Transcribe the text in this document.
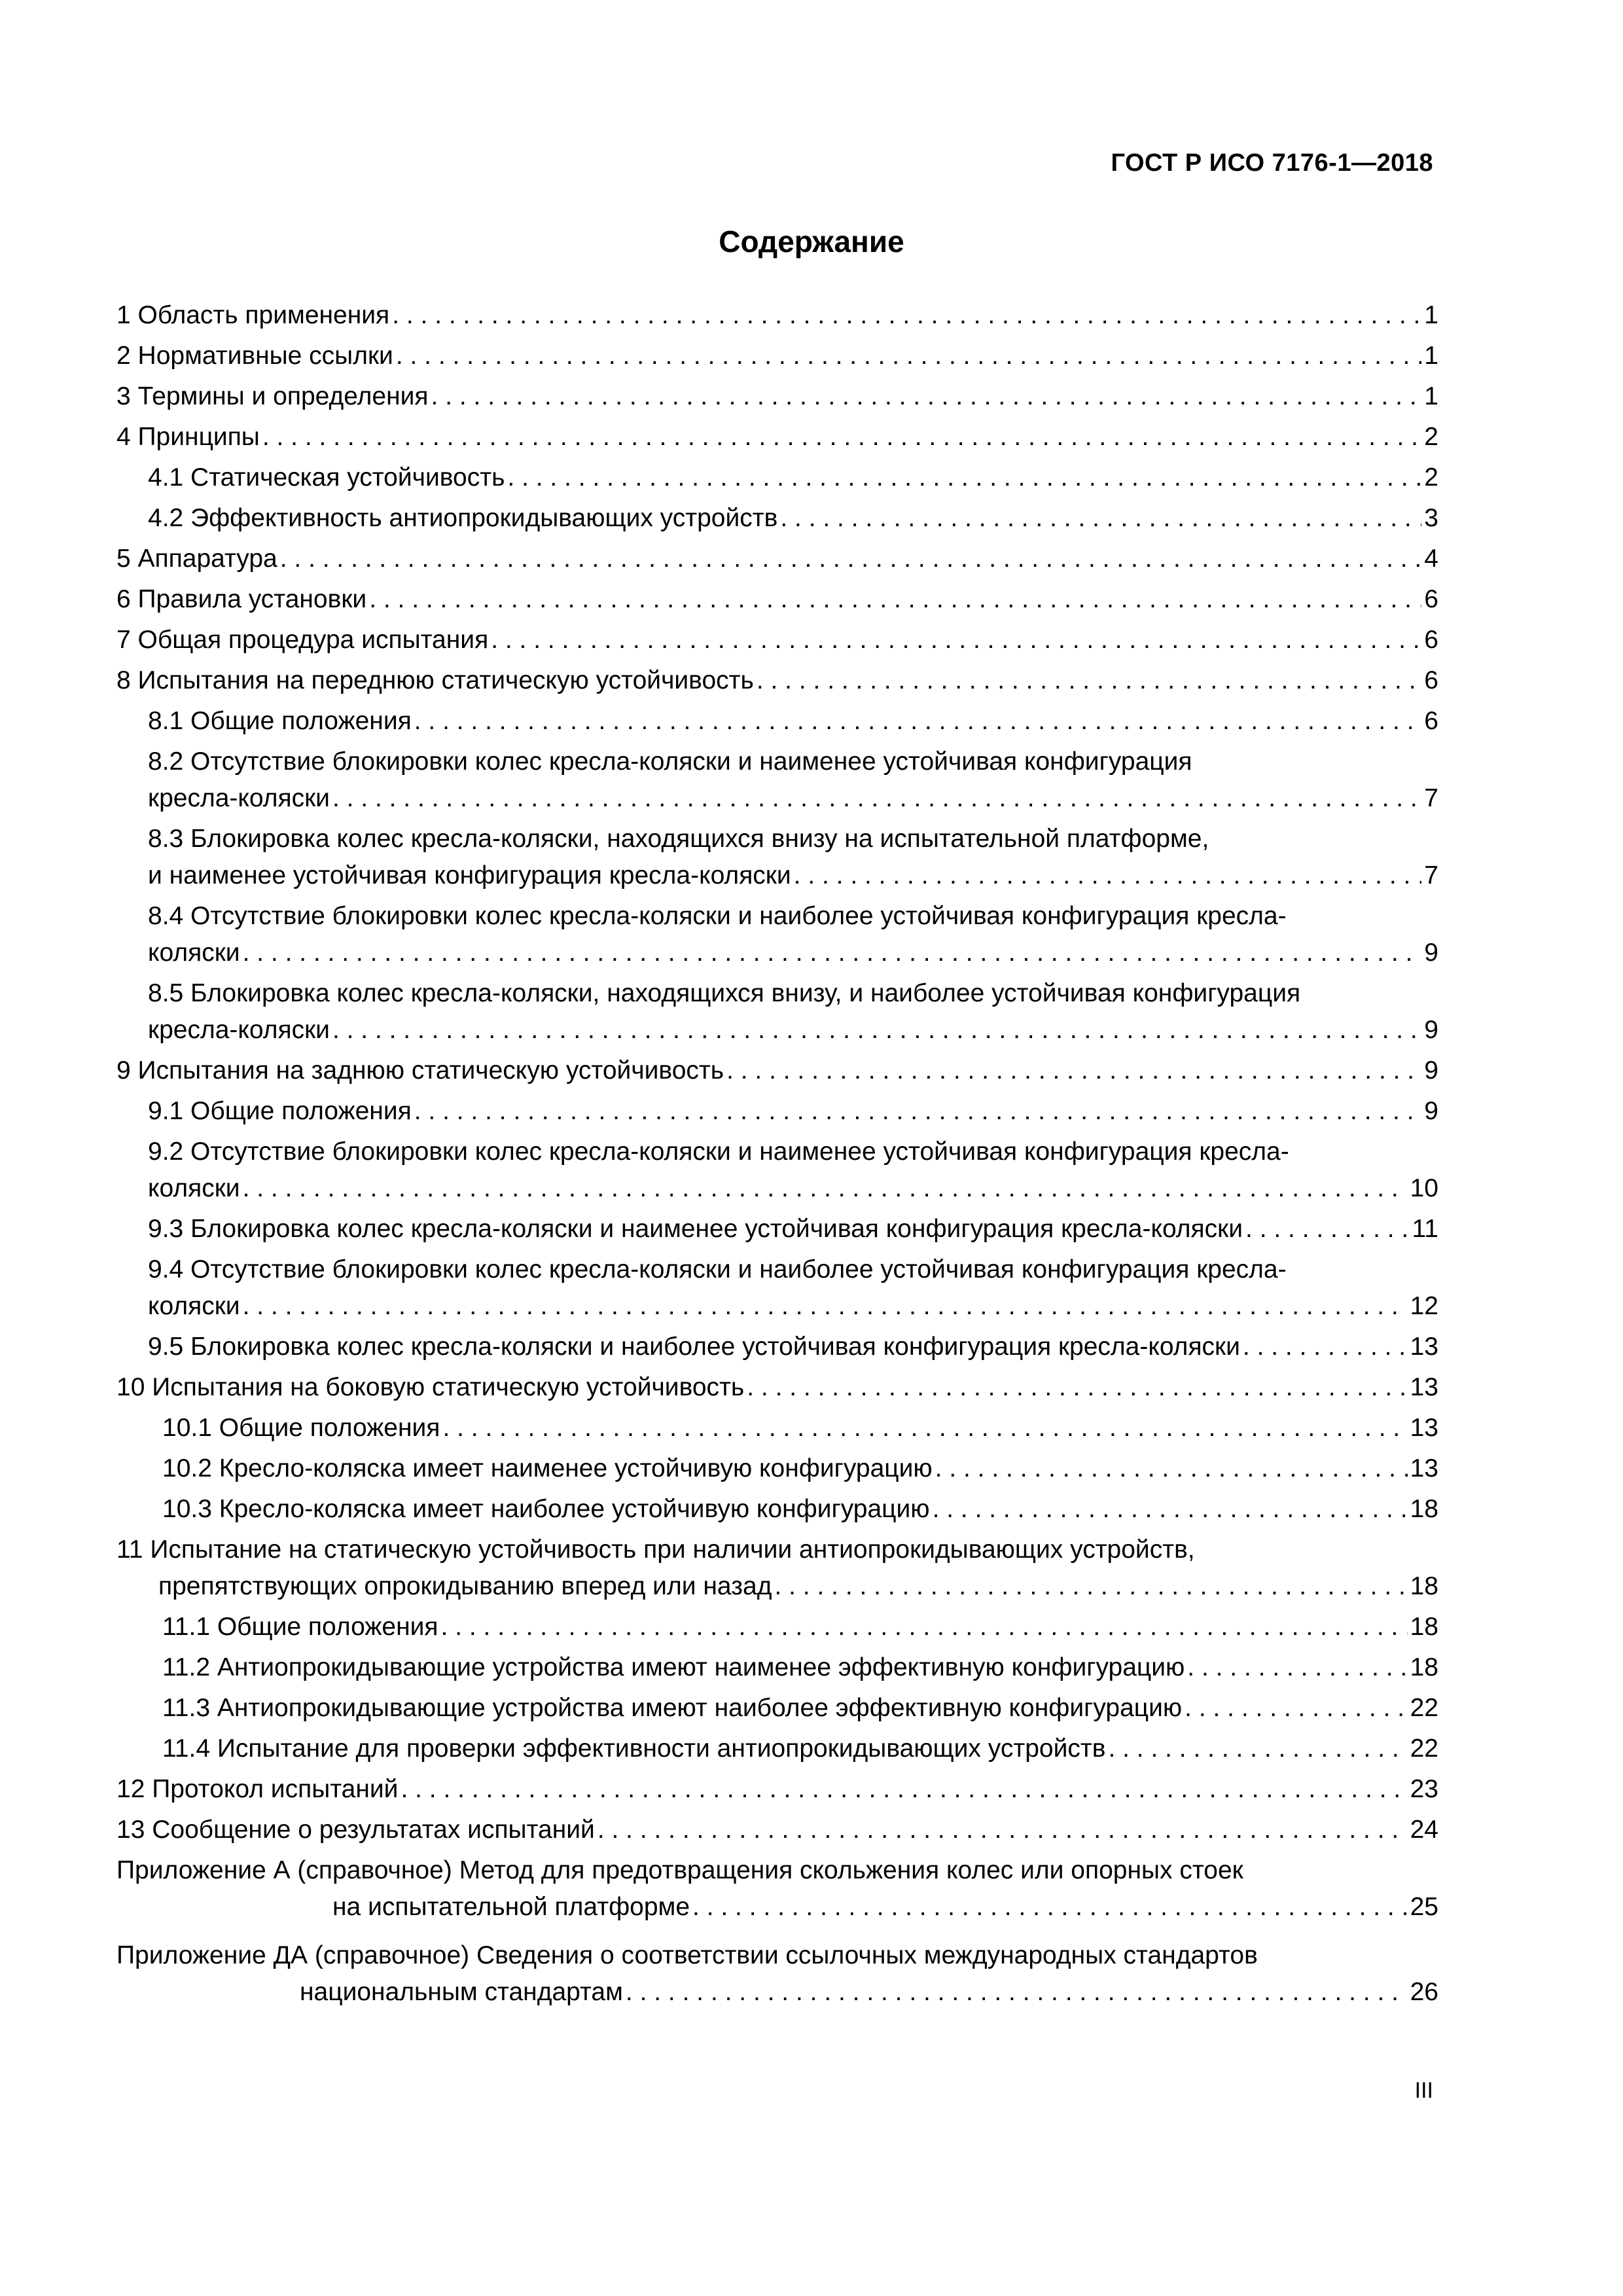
ГОСТ Р ИСО 7176-1—2018
Содержание
1 Область применения . . .	1
2 Нормативные ссылки . . .	1
3 Термины и определения . . .	1
4 Принципы . . .	2
4.1 Статическая устойчивость . . .	2
4.2 Эффективность антиопрокидывающих устройств . . .	3
5 Аппаратура . . .	4
6 Правила установки . . .	6
7 Общая процедура испытания . . .	6
8 Испытания на переднюю статическую устойчивость . . .	6
8.1 Общие положения . . .	6
8.2 Отсутствие блокировки колес кресла-коляски и наименее устойчивая конфигурация
кресла-коляски . . .	7
8.3 Блокировка колес кресла-коляски, находящихся внизу на испытательной платформе,
и наименее устойчивая конфигурация кресла-коляски . . .	7
8.4 Отсутствие блокировки колес кресла-коляски и наиболее устойчивая конфигурация кресла-
коляски . . .	9
8.5 Блокировка колес кресла-коляски, находящихся внизу, и наиболее устойчивая конфигурация
кресла-коляски . . .	9
9 Испытания на заднюю статическую устойчивость . . .	9
9.1 Общие положения . . .	9
9.2 Отсутствие блокировки колес кресла-коляски и наименее устойчивая конфигурация кресла-
коляски . . .	10
9.3 Блокировка колес кресла-коляски и наименее устойчивая конфигурация кресла-коляски . . .	11
9.4 Отсутствие блокировки колес кресла-коляски и наиболее устойчивая конфигурация кресла-
коляски . . .	12
9.5 Блокировка колес кресла-коляски и наиболее устойчивая конфигурация кресла-коляски . . .	13
10 Испытания на боковую статическую устойчивость . . .	13
10.1 Общие положения . . .	13
10.2 Кресло-коляска имеет наименее устойчивую конфигурацию . . .	13
10.3 Кресло-коляска имеет наиболее устойчивую конфигурацию . . .	18
11 Испытание на статическую устойчивость при наличии антиопрокидывающих устройств,
препятствующих опрокидыванию вперед или назад . . .	18
11.1 Общие положения . . .	18
11.2 Антиопрокидывающие устройства имеют наименее эффективную конфигурацию . . .	18
11.3 Антиопрокидывающие устройства имеют наиболее эффективную конфигурацию . . .	22
11.4 Испытание для проверки эффективности антиопрокидывающих устройств . . .	22
12 Протокол испытаний . . .	23
13 Сообщение о результатах испытаний . . .	24
Приложение А (справочное) Метод для предотвращения скольжения колес или опорных стоек
на испытательной платформе . . .	25
Приложение ДА (справочное) Сведения о соответствии ссылочных международных стандартов
национальным стандартам . . .	26
III
